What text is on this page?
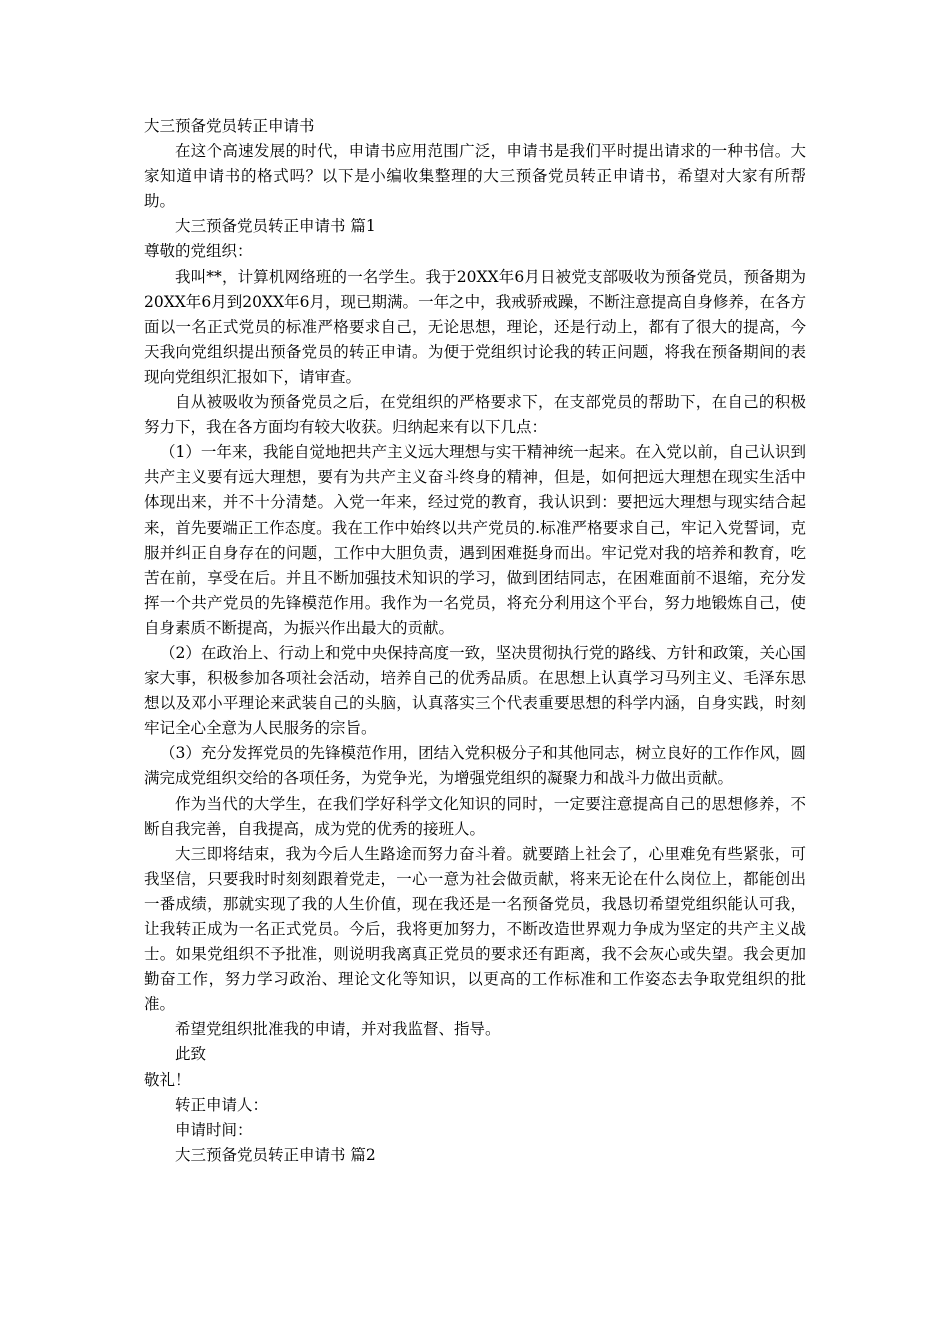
大三预备党员转正申请书

在这个高速发展的时代，申请书应用范围广泛，申请书是我们平时提出请求的一种书信。大家知道申请书的格式吗？以下是小编收集整理的大三预备党员转正申请书，希望对大家有所帮助。

大三预备党员转正申请书 篇1

尊敬的党组织：

我叫**，计算机网络班的一名学生。我于20XX年6月日被党支部吸收为预备党员，预备期为20XX年6月到20XX年6月，现已期满。一年之中，我戒骄戒躁，不断注意提高自身修养，在各方面以一名正式党员的标准严格要求自己，无论思想，理论，还是行动上，都有了很大的提高，今天我向党组织提出预备党员的转正申请。为便于党组织讨论我的转正问题，将我在预备期间的表现向党组织汇报如下，请审查。

自从被吸收为预备党员之后，在党组织的严格要求下，在支部党员的帮助下，在自己的积极努力下，我在各方面均有较大收获。归纳起来有以下几点：

（1）一年来，我能自觉地把共产主义远大理想与实干精神统一起来。在入党以前，自己认识到共产主义要有远大理想，要有为共产主义奋斗终身的精神，但是，如何把远大理想在现实生活中体现出来，并不十分清楚。入党一年来，经过党的教育，我认识到：要把远大理想与现实结合起来，首先要端正工作态度。我在工作中始终以共产党员的.标准严格要求自己，牢记入党誓词，克服并纠正自身存在的问题，工作中大胆负责，遇到困难挺身而出。牢记党对我的培养和教育，吃苦在前，享受在后。并且不断加强技术知识的学习，做到团结同志，在困难面前不退缩，充分发挥一个共产党员的先锋模范作用。我作为一名党员，将充分利用这个平台，努力地锻炼自己，使自身素质不断提高，为振兴作出最大的贡献。

（2）在政治上、行动上和党中央保持高度一致，坚决贯彻执行党的路线、方针和政策，关心国家大事，积极参加各项社会活动，培养自己的优秀品质。在思想上认真学习马列主义、毛泽东思想以及邓小平理论来武装自己的头脑，认真落实三个代表重要思想的科学内涵，自身实践，时刻牢记全心全意为人民服务的宗旨。

（3）充分发挥党员的先锋模范作用，团结入党积极分子和其他同志，树立良好的工作作风，圆满完成党组织交给的各项任务，为党争光，为增强党组织的凝聚力和战斗力做出贡献。

作为当代的大学生，在我们学好科学文化知识的同时，一定要注意提高自己的思想修养，不断自我完善，自我提高，成为党的优秀的接班人。

大三即将结束，我为今后人生路途而努力奋斗着。就要踏上社会了，心里难免有些紧张，可我坚信，只要我时时刻刻跟着党走，一心一意为社会做贡献，将来无论在什么岗位上，都能创出一番成绩，那就实现了我的人生价值，现在我还是一名预备党员，我恳切希望党组织能认可我，让我转正成为一名正式党员。今后，我将更加努力，不断改造世界观力争成为坚定的共产主义战士。如果党组织不予批准，则说明我离真正党员的要求还有距离，我不会灰心或失望。我会更加勤奋工作，努力学习政治、理论文化等知识，以更高的工作标准和工作姿态去争取党组织的批准。

希望党组织批准我的申请，并对我监督、指导。

此致

敬礼！

转正申请人：

申请时间：

大三预备党员转正申请书 篇2
